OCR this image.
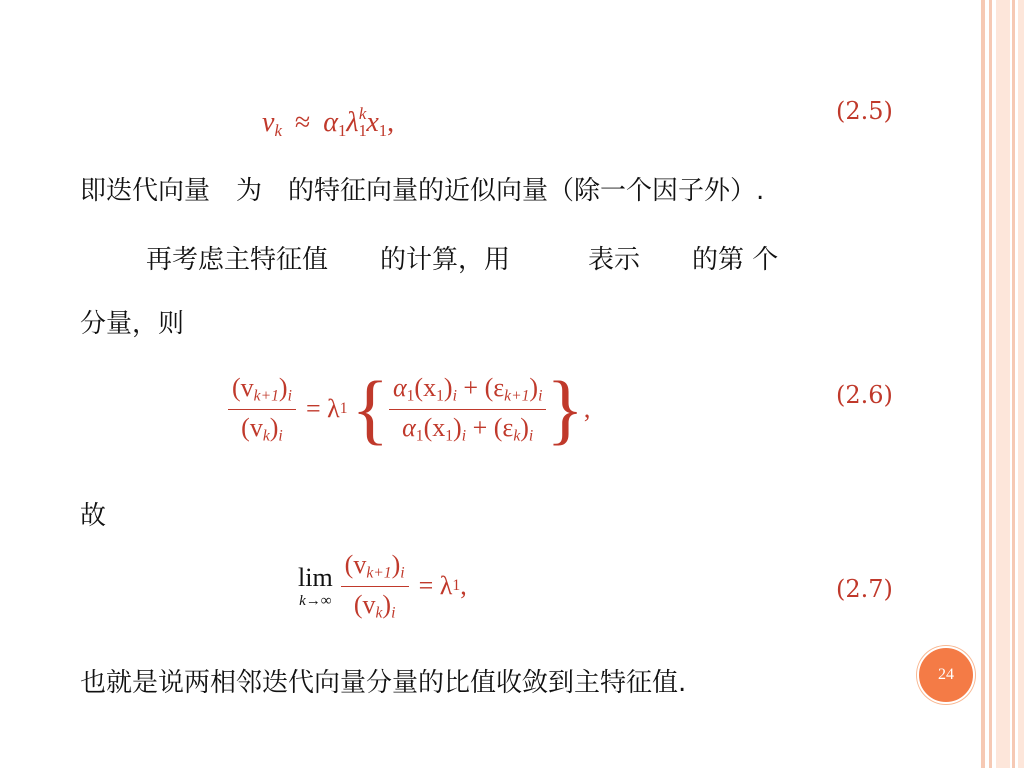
$v_k \approx \alpha_1\lambda_1^kx_1$,	(2.5)
即迭代向量　为　的特征向量的近似向量（除一个因子外）.
再考虑主特征值　　的计算，用　　　表示　　的第 个
分量，则
$\frac{(v_{k+1})_i}{(v_k)_i} = \lambda$ 1 { $\frac{\alpha_1(x_1)_i + (\varepsilon_{k+1})_i}{\alpha_1(x_1)_i + (\varepsilon_k)_i}$ } ,	(2.6)
故
lim
$k\to\infty \frac{(v_{k+1})_i}{(v_k)_i} = \lambda$ 1 ,	(2.7)
也就是说两相邻迭代向量分量的比值收敛到主特征值.	24
